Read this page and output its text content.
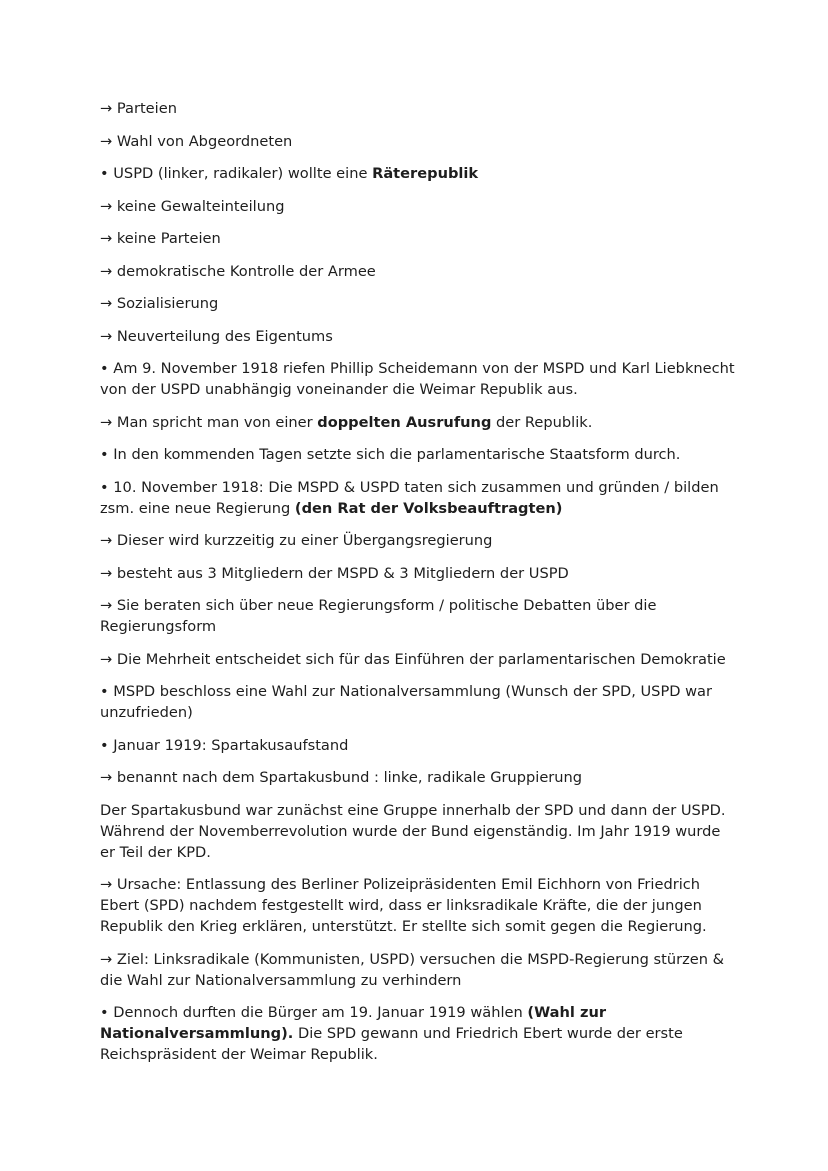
→ Parteien

→ Wahl von Abgeordneten

• USPD (linker, radikaler) wollte eine Räterepublik

→ keine Gewalteinteilung

→ keine Parteien

→ demokratische Kontrolle der Armee

→ Sozialisierung

→ Neuverteilung des Eigentums

• Am 9. November 1918 riefen Phillip Scheidemann von der MSPD und Karl Liebknecht von der USPD unabhängig voneinander die Weimar Republik aus.

→ Man spricht man von einer doppelten Ausrufung der Republik.

• In den kommenden Tagen setzte sich die parlamentarische Staatsform durch.

• 10. November 1918: Die MSPD & USPD taten sich zusammen und gründen / bilden zsm. eine neue Regierung (den Rat der Volksbeauftragten)

→ Dieser wird kurzzeitig zu einer Übergangsregierung

→ besteht aus 3 Mitgliedern der MSPD & 3 Mitgliedern der USPD

→ Sie beraten sich über neue Regierungsform / politische Debatten über die Regierungsform

→ Die Mehrheit entscheidet sich für das Einführen der parlamentarischen Demokratie

• MSPD beschloss eine Wahl zur Nationalversammlung (Wunsch der SPD, USPD war unzufrieden)

• Januar 1919: Spartakusaufstand

→ benannt nach dem Spartakusbund : linke, radikale Gruppierung

Der Spartakusbund war zunächst eine Gruppe innerhalb der SPD und dann der USPD. Während der Novemberrevolution wurde der Bund eigenständig. Im Jahr 1919 wurde er Teil der KPD.

→ Ursache: Entlassung des Berliner Polizeipräsidenten Emil Eichhorn von Friedrich Ebert (SPD) nachdem festgestellt wird, dass er linksradikale Kräfte, die der jungen Republik den Krieg erklären, unterstützt. Er stellte sich somit gegen die Regierung.

→ Ziel: Linksradikale (Kommunisten, USPD) versuchen die MSPD-Regierung stürzen & die Wahl zur Nationalversammlung zu verhindern

• Dennoch durften die Bürger am 19. Januar 1919 wählen (Wahl zur Nationalversammlung). Die SPD gewann und Friedrich Ebert wurde der erste Reichspräsident der Weimar Republik.
